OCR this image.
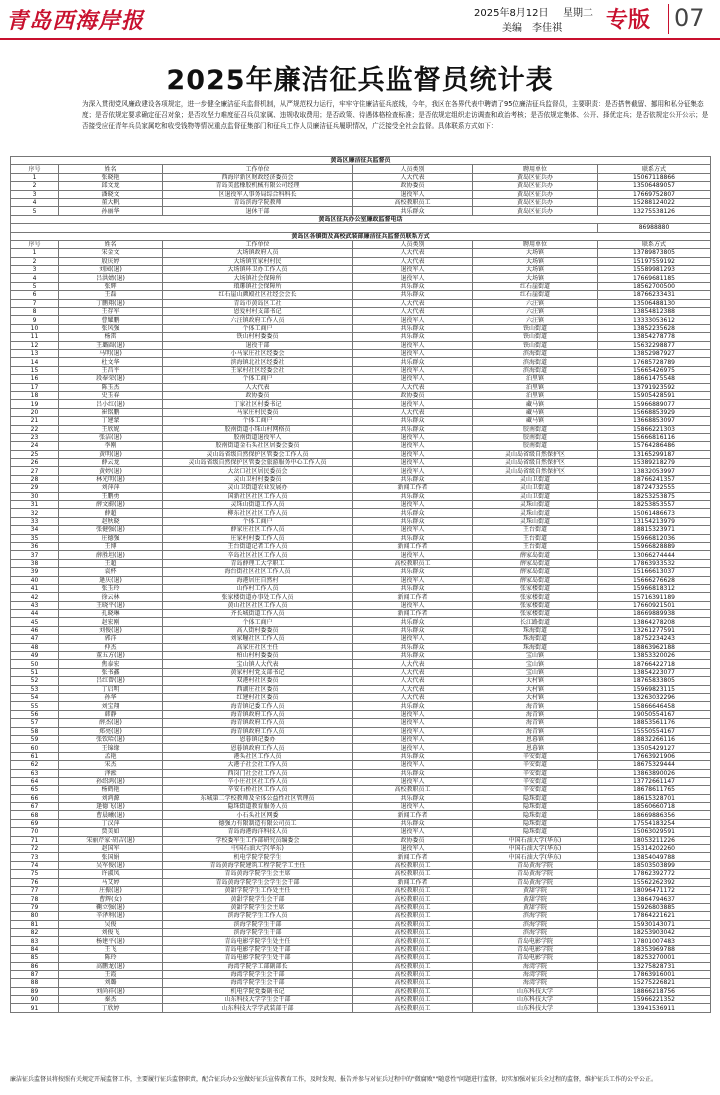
青岛西海岸报	2025年8月12日 星期二
美编 李佳祺	专版 07
2025年廉洁征兵监督员统计表
为深入贯彻党风廉政建设各项规定，进一步健全廉洁征兵监督机制，从严规范权力运行，牢牢守住廉洁征兵底线，今年，我区在各界代表中聘请了95位廉洁征兵监督员，主要职责：是否搭售截留、挪用和私分征集态度；是否依规定要求确定征召对象；是否攻坚力难度征召兵员家属、违规收取费用；是否政策、待遇体格检查标准；是否依规定组织走访调查和政治考核；是否依规定集体、公开、择优定兵；是否依规定公开公示；是否接受应征青年兵员家属吃和收受钱物等情况重点监督征集部门和征兵工作人员廉洁征兵履职情况，广泛接受全社会监督。具体联系方式如下：
黄岛区廉洁征兵监督员					
序号	姓名	工作单位	人员类别	聘用单位	联系方式
1	张晓艳	西海岸新区财政经济委员会	人大代表	黄岛区征兵办	15067118866
2	邱文龙	青岛美蓝橡胶机械有限公司经理	政协委员	黄岛区征兵办	13506489057
3	潘晓文	区退役军人事务局综合科科长	退役军人	黄岛区征兵办	17669752807
4	董大帆	青岛滨海学院教师	高校教职员工	黄岛区征兵办	15288124022
5	孙丽华	退休干部	共乐群众	黄岛区征兵办	13275538126
黄岛区征兵办公室廉政监督电话					
					86988880
黄岛区各镇街及高校武装部廉洁征兵监督员联系方式					
序号	姓名	工作单位	人员类别	聘用单位	联系方式
1	宋金文	大场镇政府人员	人大代表	大场镇	13789873805
2	殷庆婷	大场镇宜家村村民	人大代表	大场镇	15197559192
3	刘园(退)	大场镇环卫办工作人员	退役军人	大场镇	15589981293
4	吕洪婧(退)	大场镇社会保障所	退役军人	大场镇	17669681185
5	张辉	琅琊镇社会保障所	共乐群众	红石崖街道	18562700500
6	王磊	红石崖山颜殿社区社经会会长	共乐群众	红石崖街道	18766233431
7	丁鹏翔(退)	青岛市黄岛区工社	人大代表	六汪镇	13506488130
8	王存军	恩爱村村支部书记	人大代表	六汪镇	13854812388
9	曹耀鹏	六汪镇政府工作人员	退役军人	六汪镇	13333053612
10	张风强	个体工商户	共乐群众	铁山街道	13852235628
11	杨雷	铁山村村委委员	共乐群众	铁山街道	13854278778
12	王璐圆(退)	退役干部	退役军人	铁山街道	15632298877
13	马明(退)	小马家庄社区经委会	退役军人	滨海街道	13852987927
14	杜文华	滨海镇北社区经委社	共乐群众	滨海街道	17685728789
15	王昌平	王家村社区经委会社	退役军人	滨海街道	15665426975
16	段奉荣(退)	个体工商户	退役军人	泊里镇	18661475548
17	陈玉杰	人大代表	人大代表	泊里镇	13791923592
18	史玉春	政协委员	政协委员	泊里镇	15905428591
19	吕小红(退)	丁家社区村委书记	退役军人	藏马镇	15966889077
20	崔铭鹏	马家庄村民委员	人大代表	藏马镇	15668853929
21	丁建蒙	个体工商户	共乐群众	藏马镇	13668853097
22	王欣妮	胶南街道小珠山村网格员	共乐群众	胶南街道	15866221303
23	张洁(退)	胶南街道退役军人	退役军人	胶南街道	15666816116
24	李刚	胶南街道金石头社区居委会委员	退役军人	胶南街道	15764286486
25	黄明(退)	灵山岛省级自然保护区管委会工作人员	退役军人	灵山岛省级自然保护区	13165299187
26	薛云龙	灵山岛省级自然保护区管委会旅游服务中心工作人员	退役军人	灵山岛省级自然保护区	15389218279
27	黄婷(退)	大岔口社区居民委员会	退役军人	灵山岛省级自然保护区	13832053997
28	林光明(退)	灵山卫村村委委员	共乐群众	灵山卫街道	18766241357
29	刘萍萍	灵山卫街道农业发展办	新闻工作者	灵山卫街道	18724732555
30	王鹏勇	国新社区社区工作人员	共乐群众	灵山卫街道	18253253875
31	薛文蔚(退)	灵珠山街道工作人员	退役军人	灵珠山街道	18253853557
32	薛超	柳东社区社区工作人员	共乐群众	灵珠山街道	15061486673
33	赵秋晓	个体工商户	共乐群众	灵珠山街道	13154213979
34	张健强(退)	薛家庄社区工作人员	退役军人	王台街道	18815323971
35	庄德强	庄家村村委工作人员	共乐群众	王台街道	15966812036
36	王博	王台街道记者工作人员	新闻工作者	王台街道	15966828889
37	薛胜坦(退)	辛岛社区社区工作人员	退役军人	薛家岛街道	13066274444
38	王超	青岛薛理工大学职工	高校教职员工	薛家岛街道	17863933532
39	袁杯	海台街社区社区工作人员	共乐群众	薛家岛街道	15166613037
40	逄庆(退)	海港居庄自然村	退役军人	薛家岛街道	15666276628
41	张玉玲	山作村工作人员	共乐群众	张家楼街道	15966818312
42	徐云林	张家楼街道办事处工作人员	新闻工作者	张家楼街道	15716391189
43	王晓平(退)	黄山社区社区工作人员	退役军人	张家楼街道	17660921501
44	孔晓琳	齐长城街道工作人员	新闻工作者	张家楼街道	18669889938
45	赵宏刚	个体工商户	共乐群众	长江路街道	13864278208
46	刘俊(退)	高人街村委委员	共乐群众	珠海街道	13261277591
47	郭洋	刘家疃社区工作人员	退役军人	珠海街道	18752234243
48	仲杰	高家庄社区主任	共乐群众	珠海街道	18863962188
49	董五方(退)	柏山村村委委员	共乐群众	宝山镇	13853320026
50	焦泰宏	宝山镇人大代表	人大代表	宝山镇	18766422718
51	张书鑫	黄家村村党支部书记	人大代表	宝山镇	13854223077
52	吕红曾(退)	双港村社区委员	人大代表	大村镇	18765833805
53	丁启明	西湖庄社区委员	人大代表	大村镇	15969823115
54	孙华	红建村社区委员	人大代表	大村镇	13263032296
55	刘宝翔	海青镇记委工作人员	共乐群众	海青镇	15866646458
56	韩静	海青镇政府工作人员	退役军人	海青镇	19050554167
57	薛杰(退)	海青镇政府工作人员	退役军人	海青镇	18853561176
58	郑亮(退)	海青镇政府工作人员	退役军人	海青镇	15550554167
59	张钦哈(退)	恩暮镇记委办	退役军人	恩暮镇	18832266116
60	王锦缘	恩暮镇政府工作人员	退役军人	恩暮镇	13505429127
61	孟艳	港头社区工作人员	共乐群众	辛安街道	17663921906
62	宋杰	大港子社会社工作人员	退役军人	辛安街道	18675329444
63	泽淞	西岗门社会社工作人员	共乐群众	辛安街道	13863890026
64	孙绍鸿(退)	辛小庄社区社工作人员	退役军人	辛安街道	13772661147
65	杨鹤艳	辛安石桥社区工作人员	高校教职员工	辛安街道	18678611765
66	刘鸿源	东城第二学校教师及全体公益性社区管理员	共乐群众	隐珠街道	18615328701
67	逢德飞(退)	隐珠街道教育服务人员	退役军人	隐珠街道	18560660718
68	曹晨曦(退)	小石头社区网委	新闻工作者	隐珠街道	18669886356
69	丁汉萍	德强力有限制造有限公司员工	共乐群众	隐珠街道	17554183254
70	贾美如	青岛海港海洋科技人员	退役军人	隐珠街道	15063029591
71	宋丽芹家·胡吉(退)	学校委军生工作部研究员编委会	政协委员	中国石油大学(华东)	18053211226
72	赵国军	中国石油大学(华东)	退役军人	中国石油大学(华东)	15314202260
73	张国娟	机电学院学院学生	新闻工作者	中国石油大学(华东)	13854049788
74	吴军俊(退)	青岛黄海学院建筑工程学院学工主任	高校教职员工	青岛黄海学院	18503503899
75	许淑凤	青岛黄海学院学生会主席	高校教职员工	青岛黄海学院	17862392772
76	马艾婷	青岛黄海学院学生会学生会干部	新闻工作者	青岛黄海学院	15562262392
77	庄振(退)	黄甜学院学生工作处主任	高校教职员工	黄甜学院	18096471172
78	曹辉(女)	黄甜学院学生会干部	高校教职员工	黄甜学院	13864794637
79	鞠立强(退)	黄甜学院学生会主席	高校教职员工	黄甜学院	15926803885
80	辛泽利(退)	滨海学院学生工作人员	高校教职员工	滨海学院	17864221621
81	吴俊	滨海学院学生干部	高校教职员工	滨海学院	15930143071
82	刘俊飞	滨海学院学生干部	高校教职员工	滨海学院	18253903042
83	杨建平(退)	青岛电影学院学生处主任	高校教职员工	青岛电影学院	17801007483
84	王飞	青岛电影学院学生处干部	高校教职员工	青岛电影学院	18353969788
85	陈玲	青岛电影学院学生处干部	高校教职员工	青岛电影学院	18253270001
86	高鹏龙(退)	海湾学院学工部副部长	高校教职员工	海湾学院	13275828731
87	王霞	海湾学院学生会干部	高校教职员工	海湾学院	17863916001
88	刘璐	海湾学院学生会干部	高校教职员工	海湾学院	15275226821
89	刘尚祥(退)	机电学院党委副书记	高校教职员工	山东科技大学	18866218756
90	秦杰	山东科技大学学生会干部	高校教职员工	山东科技大学	15966221352
91	丁欣婷	山东科技大学学武装部干部	高校教职员工	山东科技大学	13941536911
廉洁征兵监督员将按照有关规定开展监督工作，主要履行征兵监督职责，配合征兵办公室做好征兵宣传教育工作，及时发现、报告并参与对征兵过程中的"微腐败""随意性"问题进行监督，切实加强对征兵全过程的监督，维护征兵工作的公平公正。
